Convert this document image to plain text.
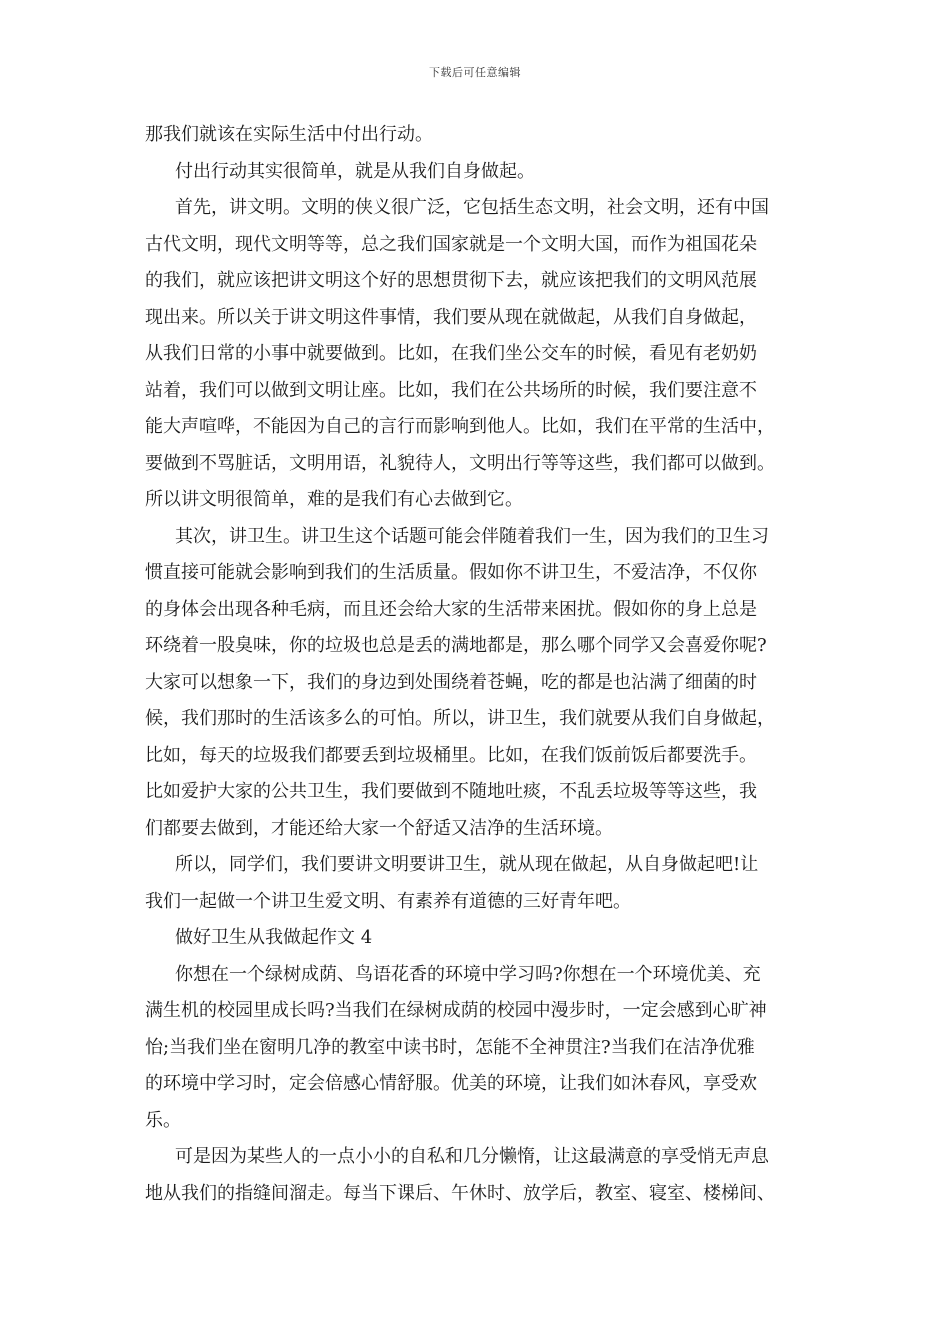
下载后可任意编辑
那我们就该在实际生活中付出行动。
付出行动其实很简单，就是从我们自身做起。
首先，讲文明。文明的侠义很广泛，它包括生态文明，社会文明，还有中国
古代文明，现代文明等等，总之我们国家就是一个文明大国，而作为祖国花朵
的我们，就应该把讲文明这个好的思想贯彻下去，就应该把我们的文明风范展
现出来。所以关于讲文明这件事情，我们要从现在就做起，从我们自身做起，
从我们日常的小事中就要做到。比如，在我们坐公交车的时候，看见有老奶奶
站着，我们可以做到文明让座。比如，我们在公共场所的时候，我们要注意不
能大声喧哗，不能因为自己的言行而影响到他人。比如，我们在平常的生活中，
要做到不骂脏话，文明用语，礼貌待人，文明出行等等这些，我们都可以做到。
所以讲文明很简单，难的是我们有心去做到它。
其次，讲卫生。讲卫生这个话题可能会伴随着我们一生，因为我们的卫生习
惯直接可能就会影响到我们的生活质量。假如你不讲卫生，不爱洁净，不仅你
的身体会出现各种毛病，而且还会给大家的生活带来困扰。假如你的身上总是
环绕着一股臭味，你的垃圾也总是丢的满地都是，那么哪个同学又会喜爱你呢?
大家可以想象一下，我们的身边到处围绕着苍蝇，吃的都是也沾满了细菌的时
候，我们那时的生活该多么的可怕。所以，讲卫生，我们就要从我们自身做起，
比如，每天的垃圾我们都要丢到垃圾桶里。比如，在我们饭前饭后都要洗手。
比如爱护大家的公共卫生，我们要做到不随地吐痰，不乱丢垃圾等等这些，我
们都要去做到，才能还给大家一个舒适又洁净的生活环境。
所以，同学们，我们要讲文明要讲卫生，就从现在做起，从自身做起吧!让
我们一起做一个讲卫生爱文明、有素养有道德的三好青年吧。
做好卫生从我做起作文 4
你想在一个绿树成荫、鸟语花香的环境中学习吗?你想在一个环境优美、充
满生机的校园里成长吗?当我们在绿树成荫的校园中漫步时，一定会感到心旷神
怡;当我们坐在窗明几净的教室中读书时，怎能不全神贯注?当我们在洁净优雅
的环境中学习时，定会倍感心情舒服。优美的环境，让我们如沐春风，享受欢
乐。
可是因为某些人的一点小小的自私和几分懒惰，让这最满意的享受悄无声息
地从我们的指缝间溜走。每当下课后、午休时、放学后，教室、寝室、楼梯间、
